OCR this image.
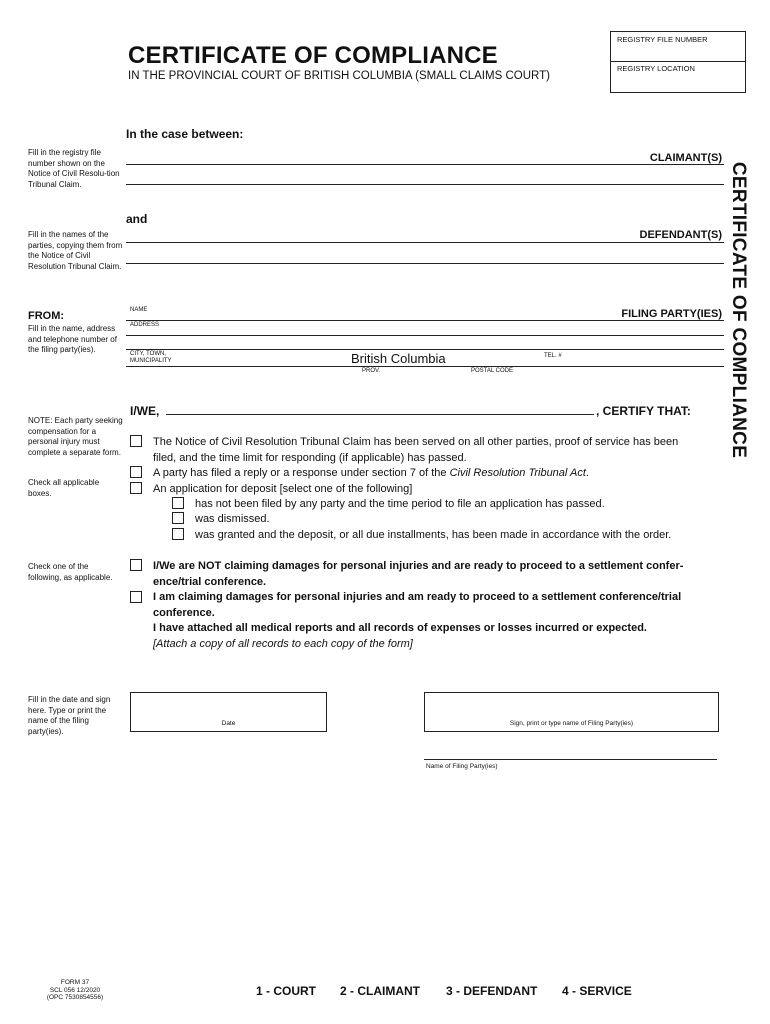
CERTIFICATE OF COMPLIANCE
IN THE PROVINCIAL COURT OF BRITISH COLUMBIA (SMALL CLAIMS COURT)
REGISTRY FILE NUMBER
REGISTRY LOCATION
CERTIFICATE OF COMPLIANCE
In the case between:
Fill in the registry file number shown on the Notice of Civil Resolu-tion Tribunal Claim.
CLAIMANT(S)
and
Fill in the names of the parties, copying them from the Notice of Civil Resolution Tribunal Claim.
DEFENDANT(S)
FROM:
Fill in the name, address and telephone number of the filing party(ies).
NAME	FILING PARTY(IES)
ADDRESS
CITY, TOWN,
MUNICIPALITY	British Columbia	TEL. #
PROV.	POSTAL CODE
I/WE,	, CERTIFY THAT:
NOTE: Each party seeking compensation for a personal injury must complete a separate form.
Check all applicable boxes.
The Notice of Civil Resolution Tribunal Claim has been served on all other parties, proof of service has been
filed, and the time limit for responding (if applicable) has passed.
A party has filed a reply or a response under section 7 of the Civil Resolution Tribunal Act.
An application for deposit [select one of the following]
has not been filed by any party and the time period to file an application has passed.
was dismissed.
was granted and the deposit, or all due installments, has been made in accordance with the order.
Check one of the following, as applicable.
I/We are NOT claiming damages for personal injuries and are ready to proceed to a settlement confer-
ence/trial conference.
I am claiming damages for personal injuries and am ready to proceed to a settlement conference/trial
conference.
I have attached all medical reports and all records of expenses or losses incurred or expected.
[Attach a copy of all records to each copy of the form]
Fill in the date and sign here. Type or print the name of the filing party(ies).
Date	Sign, print or type name of Filing Party(ies)
Name of Filing Party(ies)
FORM 37
SCL 056 12/2020
(OPC 7530854556)	1 - COURT 2 - CLAIMANT 3 - DEFENDANT 4 - SERVICE
